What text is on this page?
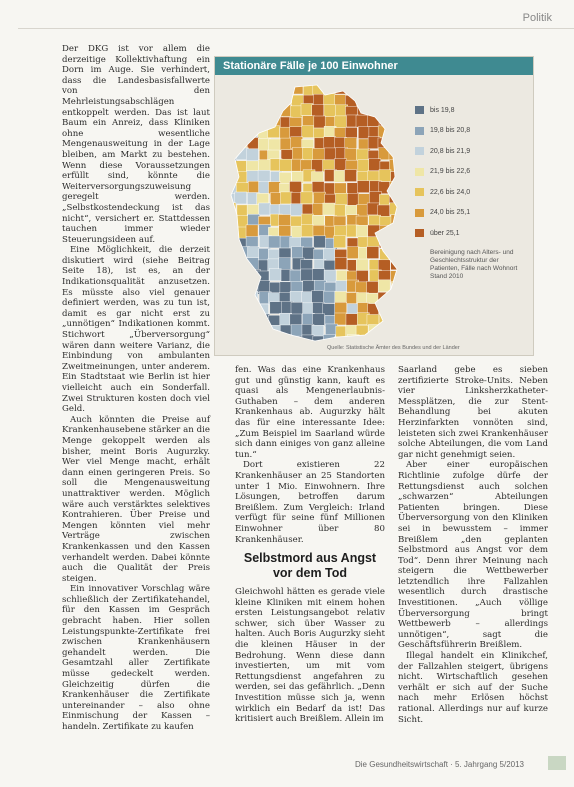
Politik

Der DKG ist vor allem die derzeitige Kollektivhaftung ein Dorn im Auge. Sie verhindert, dass die Landesbasisfallwerte von den Mehrleistungsabschlägen entkoppelt werden. Das ist laut Baum ein Anreiz, dass Kliniken ohne wesentliche Mengenausweitung in der Lage bleiben, am Markt zu bestehen. Wenn diese Voraussetzungen erfüllt sind, könnte die Weiterversorgungszuweisung geregelt werden. „Selbstkostendeckung ist das nicht“, versichert er. Stattdessen tauchen immer wieder Steuerungsideen auf.

Eine Möglichkeit, die derzeit diskutiert wird (siehe Beitrag Seite 18), ist es, an der Indikationsqualität anzusetzen. Es müsste also viel genauer definiert werden, was zu tun ist, damit es gar nicht erst zu „unnötigen“ Indikationen kommt. Stichwort „Überversorgung“ wären dann weitere Varianz, die Einbindung von ambulanten Zweitmeinungen, unter anderem. Ein Stadtstaat wie Berlin ist hier vielleicht auch ein Sonderfall. Zwei Strukturen kosten doch viel Geld.

Auch könnten die Preise auf Krankenhausebene stärker an die Menge gekoppelt werden als bisher, meint Boris Augurzky. Wer viel Menge macht, erhält dann einen geringeren Preis. So soll die Mengenausweitung unattraktiver werden. Möglich wäre auch verstärktes selektives Kontrahieren. Über Preise und Mengen könnten viel mehr Verträge zwischen Krankenkassen und den Kassen verhandelt werden. Dabei könnte auch die Qualität der Preis steigen.

Ein innovativer Vorschlag wäre schließlich der Zertifikatehandel, für den Kassen im Gespräch gebracht haben. Hier sollen Leistungspunkte-Zertifikate frei zwischen Krankenhäusern gehandelt werden. Die Gesamtzahl aller Zertifikate müsse gedeckelt werden. Gleichzeitig dürfen die Krankenhäuser die Zertifikate untereinander – also ohne Einmischung der Kassen – handeln. Zertifikate zu kaufen

Stationäre Fälle je 100 Einwohner
bis 19,8
19,8 bis 20,8
20,8 bis 21,9
21,9 bis 22,6
22,6 bis 24,0
24,0 bis 25,1
über 25,1
Bereinigung nach Alters- und Geschlechtsstruktur der Patienten, Fälle nach Wohnort Stand 2010
Quelle: Statistische Ämter des Bundes und der Länder

fen. Was das eine Krankenhaus gut und günstig kann, kauft es quasi als Mengenerlaubnis-Guthaben – dem anderen Krankenhaus ab. Augurzky hält das für eine interessante Idee: „Zum Beispiel im Saarland würde sich dann einiges von ganz alleine tun.“

Dort existieren 22 Krankenhäuser an 25 Standorten unter 1 Mio. Einwohnern. Ihre Lösungen, betroffen darum Breißlem. Zum Vergleich: Irland verfügt für seine fünf Millionen Einwohner über 80 Krankenhäuser.

Selbstmord aus Angst vor dem Tod

Gleichwohl hätten es gerade viele kleine Kliniken mit einem hohen ersten Leistungsangebot relativ schwer, sich über Wasser zu halten. Auch Boris Augurzky sieht die kleinen Häuser in der Bedrohung. Wenn diese dann investierten, um mit vom Rettungsdienst angefahren zu werden, sei das gefährlich. „Denn Investition müsse sich ja, wenn wirklich ein Bedarf da ist! Das kritisiert auch Breißlem. Allein im

Saarland gebe es sieben zertifizierte Stroke-Units. Neben vier Linksherzkatheter-Messplätzen, die zur Stent-Behandlung bei akuten Herzinfarkten vonnöten sind, leisteten sich zwei Krankenhäuser solche Abteilungen, die vom Land gar nicht genehmigt seien.

Aber einer europäischen Richtlinie zufolge dürfe der Rettungsdienst auch solchen „schwarzen“ Abteilungen Patienten bringen. Diese Überversorgung von den Kliniken sei in bewusstem – immer Breißlem „den geplanten Selbstmord aus Angst vor dem Tod“. Denn ihrer Meinung nach steigern die Wettbewerber letztendlich ihre Fallzahlen wesentlich durch drastische Investitionen. „Auch völlige Überversorgung bringt Wettbewerb – allerdings unnötigen“, sagt die Geschäftsführerin Breißlem.

Illegal handelt ein Klinikchef, der Fallzahlen steigert, übrigens nicht. Wirtschaftlich gesehen verhält er sich auf der Suche nach mehr Erlösen höchst rational. Allerdings nur auf kurze Sicht.

Die Gesundheitswirtschaft · 5. Jahrgang 5/2013
